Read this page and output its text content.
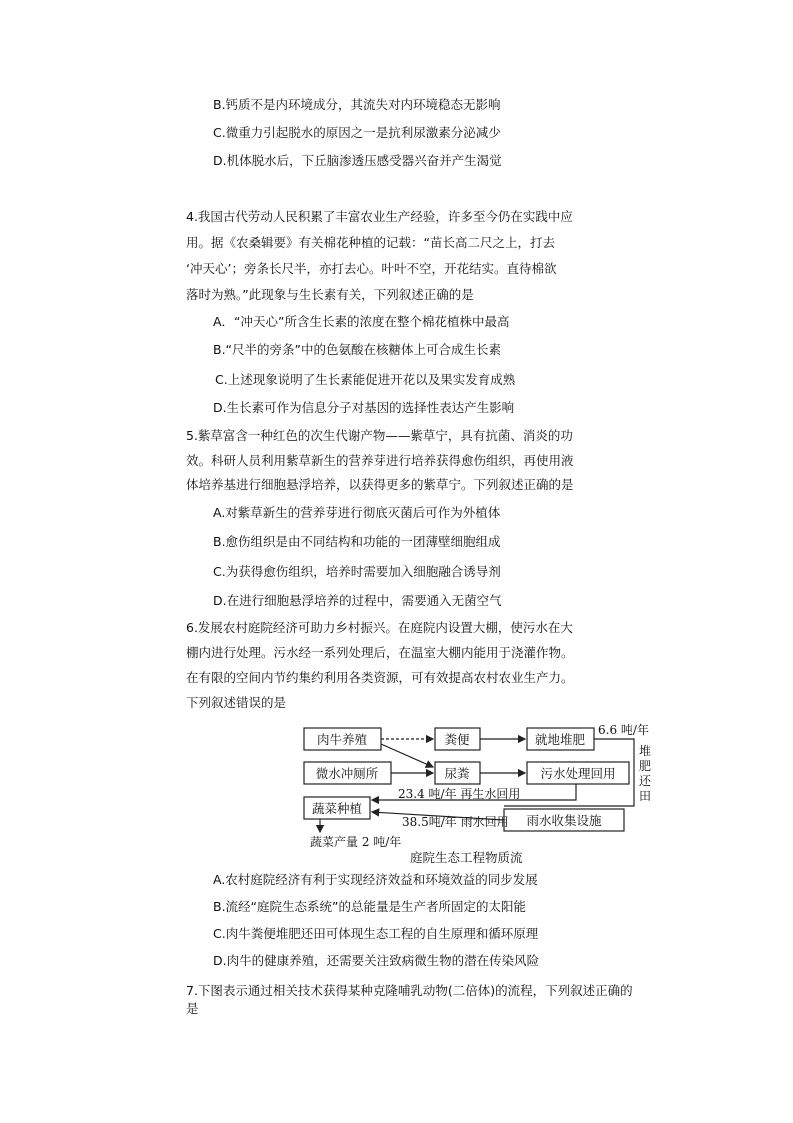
B.钙质不是内环境成分，其流失对内环境稳态无影响
C.微重力引起脱水的原因之一是抗利尿激素分泌减少
D.机体脱水后，下丘脑渗透压感受器兴奋并产生渴觉
4.我国古代劳动人民积累了丰富农业生产经验，许多至今仍在实践中应
用。据《农桑辑要》有关棉花种植的记载：“苗长高二尺之上，打去
‘冲天心’；旁条长尺半，亦打去心。叶叶不空，开花结实。直待棉欲
落时为熟。”此现象与生长素有关，下列叙述正确的是
A．“冲天心”所含生长素的浓度在整个棉花植株中最高
B.“尺半的旁条”中的色氨酸在核糖体上可合成生长素
C.上述现象说明了生长素能促进开花以及果实发育成熟
D.生长素可作为信息分子对基因的选择性表达产生影响
5.紫草富含一种红色的次生代谢产物——紫草宁，具有抗菌、消炎的功
效。科研人员利用紫草新生的营养芽进行培养获得愈伤组织，再使用液
体培养基进行细胞悬浮培养，以获得更多的紫草宁。下列叙述正确的是
A.对紫草新生的营养芽进行彻底灭菌后可作为外植体
B.愈伤组织是由不同结构和功能的一团薄壁细胞组成
C.为获得愈伤组织，培养时需要加入细胞融合诱导剂
D.在进行细胞悬浮培养的过程中，需要通入无菌空气
6.发展农村庭院经济可助力乡村振兴。在庭院内设置大棚，使污水在大
棚内进行处理。污水经一系列处理后，在温室大棚内能用于浇灌作物。
在有限的空间内节约集约利用各类资源，可有效提高农村农业生产力。
下列叙述错误的是
肉牛养殖	粪便	就地堆肥
微水冲厕所	尿粪	污水处理回用
蔬菜种植
雨水收集设施
6.6 吨/年
堆
肥
还
田
23.4 吨/年 再生水回用
38.5吨/年 雨水回用
蔬菜产量 2 吨/年
庭院生态工程物质流
A.农村庭院经济有利于实现经济效益和环境效益的同步发展
B.流经“庭院生态系统”的总能量是生产者所固定的太阳能
C.肉牛粪便堆肥还田可体现生态工程的自生原理和循环原理
D.肉牛的健康养殖，还需要关注致病微生物的潜在传染风险
7.下图表示通过相关技术获得某种克隆哺乳动物(二倍体)的流程，下列叙述正确的
是
